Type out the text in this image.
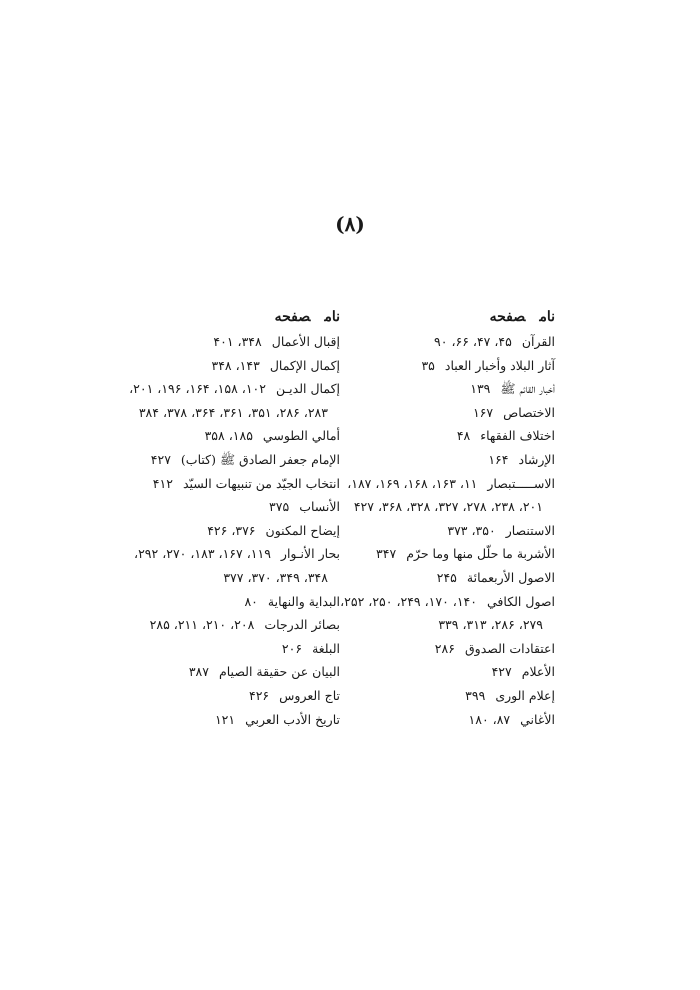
(۸)
نامصفحه
القرآن۴۵، ۴۷، ۶۶، ۹۰
آثار البلاد وأخبار العباد۳۵
أخبار القائم ﷺ۱۳۹
الاختصاص۱۶۷
اختلاف الفقهاء۴۸
الإرشاد۱۶۴
الاســـــتبصار۱۱، ۱۶۳، ۱۶۸، ۱۶۹، ۱۸۷،
۲۰۱، ۲۳۸، ۲۷۸، ۳۲۷، ۳۲۸، ۳۶۸، ۴۲۷
الاستنصار۳۵۰، ۳۷۳
الأشربة ما حلّل منها وما حرّم۳۴۷
الاصول الأربعمائة۲۴۵
اصول الكافي۱۴۰، ۱۷۰، ۲۴۹، ۲۵۰، ۲۵۲،
۲۷۹، ۲۸۶، ۳۱۳، ۳۳۹
اعتقادات الصدوق۲۸۶
الأعلام۴۲۷
إعلام الورى۳۹۹
الأغاني۸۷، ۱۸۰
نامصفحه
إقبال الأعمال۳۴۸، ۴۰۱
إكمال الإكمال۱۴۳، ۳۴۸
إكمال الديـن۱۰۲، ۱۵۸، ۱۶۴، ۱۹۶، ۲۰۱،
۲۸۳، ۲۸۶، ۳۵۱، ۳۶۱، ۳۶۴، ۳۷۸، ۳۸۴
أمالي الطوسي۱۸۵، ۳۵۸
الإمام جعفر الصادق ﷺ (كتاب)۴۲۷
انتخاب الجيّد من تنبيهات السيّد۴۱۲
الأنساب۳۷۵
إيضاح المكنون۳۷۶، ۴۲۶
بحار الأنـوار۱۱۹، ۱۶۷، ۱۸۳، ۲۷۰، ۲۹۲،
۳۴۸، ۳۴۹، ۳۷۰، ۳۷۷
البداية والنهاية۸۰
بصائر الدرجات۲۰۸، ۲۱۰، ۲۱۱، ۲۸۵
البلغة۲۰۶
البيان عن حقيقة الصيام۳۸۷
تاج العروس۴۲۶
تاريخ الأدب العربي۱۲۱
